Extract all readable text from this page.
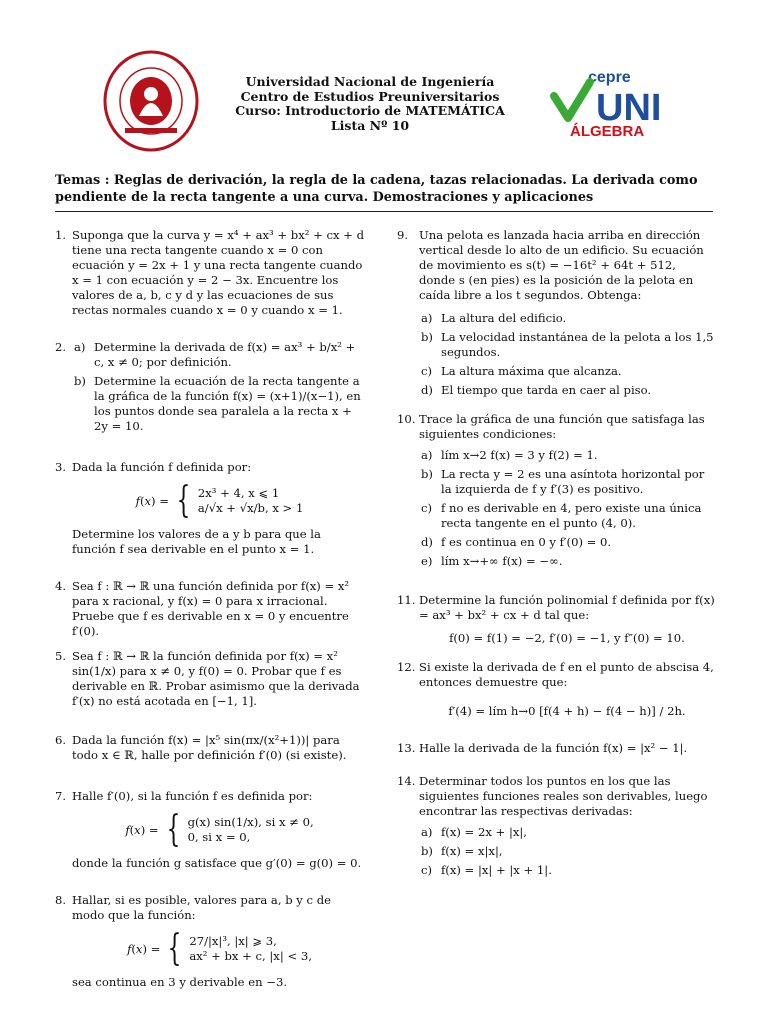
Universidad Nacional de Ingeniería
Centro de Estudios Preuniversitarios
Curso: Introductorio de MATEMÁTICA
Lista Nº 10
cepre
UNI
ÁLGEBRA
Temas : Reglas de derivación, la regla de la cadena, tazas relacionadas. La derivada como pendiente de la recta tangente a una curva. Demostraciones y aplicaciones
1. Suponga que la curva y = x⁴ + ax³ + bx² + cx + d tiene una recta tangente cuando x = 0 con ecuación y = 2x + 1 y una recta tangente cuando x = 1 con ecuación y = 2 − 3x. Encuentre los valores de a, b, c y d y las ecuaciones de sus rectas normales cuando x = 0 y cuando x = 1.
2. a) Determine la derivada de f(x) = ax³ + b/x² + c, x ≠ 0; por definición.
b) Determine la ecuación de la recta tangente a la gráfica de la función f(x) = (x+1)/(x−1), en los puntos donde sea paralela a la recta x + 2y = 10.
3. Dada la función f definida por:
f(x) = { 2x³ + 4, x ⩽ 1
a/√x + √x/b, x > 1
Determine los valores de a y b para que la función f sea derivable en el punto x = 1.
4. Sea f : ℝ → ℝ una función definida por f(x) = x² para x racional, y f(x) = 0 para x irracional. Pruebe que f es derivable en x = 0 y encuentre f′(0).
5. Sea f : ℝ → ℝ la función definida por f(x) = x² sin(1/x) para x ≠ 0, y f(0) = 0. Probar que f es derivable en ℝ. Probar asimismo que la derivada f′(x) no está acotada en [−1, 1].
6. Dada la función f(x) = |x⁵ sin(πx/(x²+1))| para todo x ∈ ℝ, halle por definición f′(0) (si existe).
7. Halle f′(0), si la función f es definida por:
f(x) = { g(x) sin(1/x), si x ≠ 0,
0, si x = 0,
donde la función g satisface que g′(0) = g(0) = 0.
8. Hallar, si es posible, valores para a, b y c de modo que la función:
f(x) = { 27/|x|³, |x| ⩾ 3,
ax² + bx + c, |x| < 3,
sea continua en 3 y derivable en −3.
9. Una pelota es lanzada hacia arriba en dirección vertical desde lo alto de un edificio. Su ecuación de movimiento es s(t) = −16t² + 64t + 512, donde s (en pies) es la posición de la pelota en caída libre a los t segundos. Obtenga:
a) La altura del edificio.
b) La velocidad instantánea de la pelota a los 1,5 segundos.
c) La altura máxima que alcanza.
d) El tiempo que tarda en caer al piso.
10. Trace la gráfica de una función que satisfaga las siguientes condiciones:
a) lím x→2 f(x) = 3 y f(2) = 1.
b) La recta y = 2 es una asíntota horizontal por la izquierda de f y f′(3) es positivo.
c) f no es derivable en 4, pero existe una única recta tangente en el punto (4, 0).
d) f es continua en 0 y f′(0) = 0.
e) lím x→+∞ f(x) = −∞.
11. Determine la función polinomial f definida por f(x) = ax³ + bx² + cx + d tal que:
f(0) = f(1) = −2, f′(0) = −1, y f″(0) = 10.
12. Si existe la derivada de f en el punto de abscisa 4, entonces demuestre que:
f′(4) = lím h→0 [f(4 + h) − f(4 − h)] / 2h.
13. Halle la derivada de la función f(x) = |x² − 1|.
14. Determinar todos los puntos en los que las siguientes funciones reales son derivables, luego encontrar las respectivas derivadas:
a) f(x) = 2x + |x|,
b) f(x) = x|x|,
c) f(x) = |x| + |x + 1|.
